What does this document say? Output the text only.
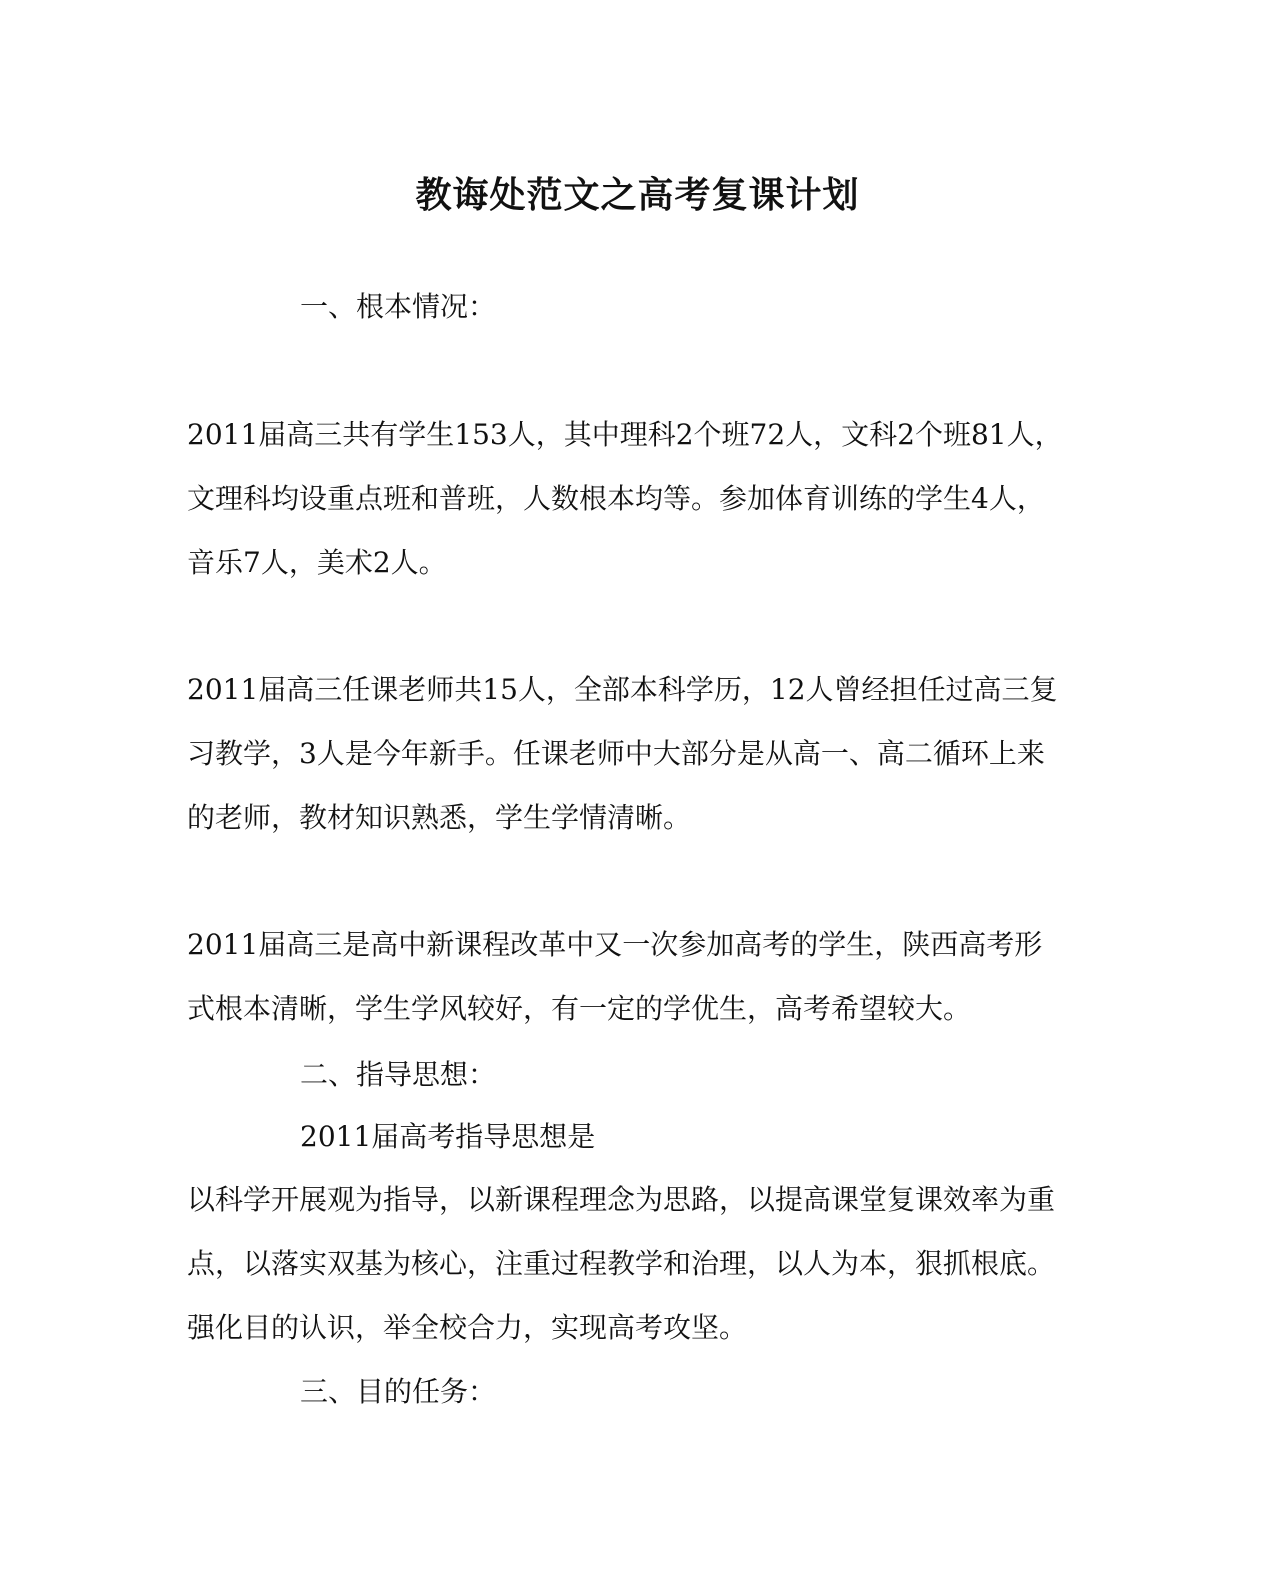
教诲处范文之高考复课计划

一、根本情况：

2011届高三共有学生153人，其中理科2个班72人，文科2个班81人，文理科均设重点班和普班，人数根本均等。参加体育训练的学生4人，音乐7人，美术2人。

2011届高三任课老师共15人，全部本科学历，12人曾经担任过高三复习教学，3人是今年新手。任课老师中大部分是从高一、高二循环上来的老师，教材知识熟悉，学生学情清晰。

2011届高三是高中新课程改革中又一次参加高考的学生，陕西高考形式根本清晰，学生学风较好，有一定的学优生，高考希望较大。

二、指导思想：

2011届高考指导思想是

以科学开展观为指导，以新课程理念为思路，以提高课堂复课效率为重点，以落实双基为核心，注重过程教学和治理，以人为本，狠抓根底。强化目的认识，举全校合力，实现高考攻坚。

三、目的任务：
